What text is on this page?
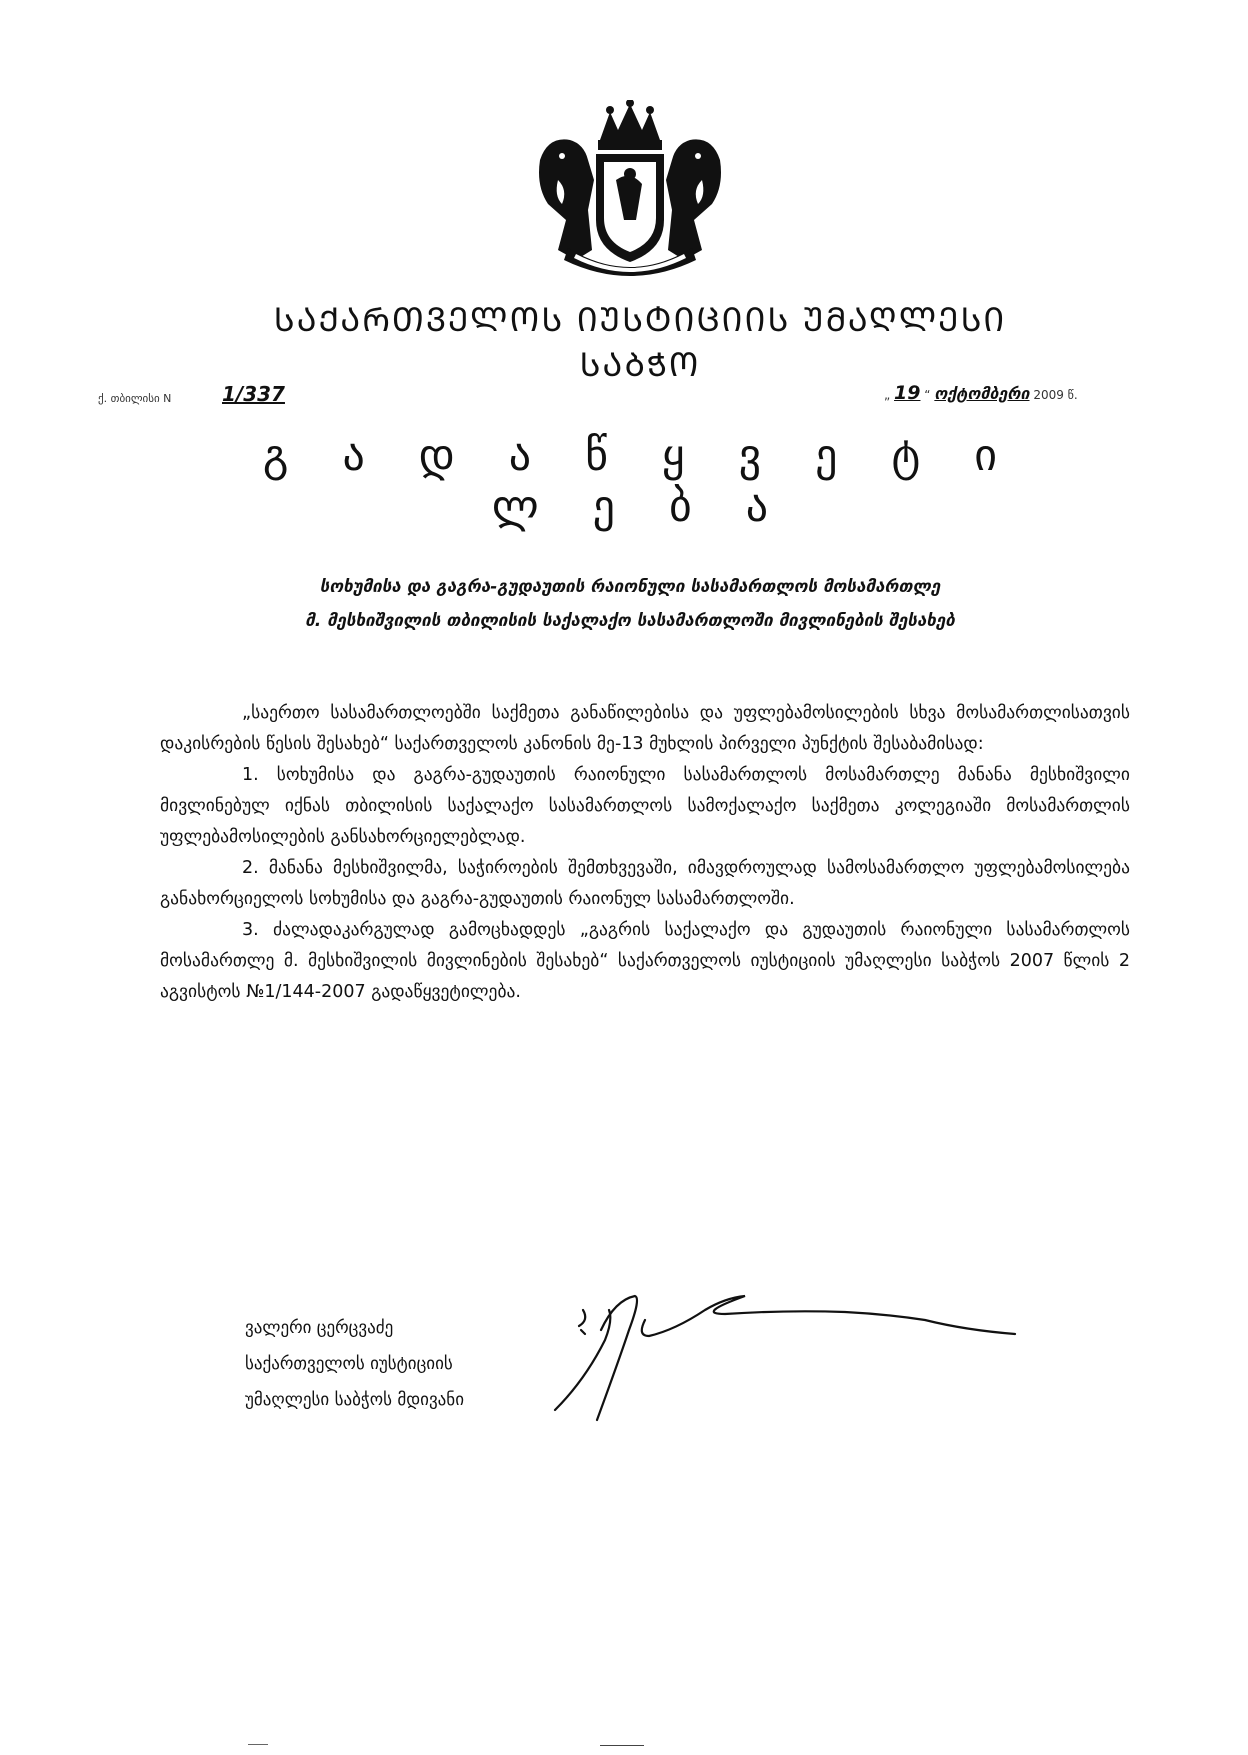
ᲡᲐᲥᲐᲠᲗᲕᲔᲚᲝᲡ ᲘᲣᲡᲢᲘᲪᲘᲘᲡ ᲣᲛᲐᲦᲚᲔᲡᲘ ᲡᲐᲑᲭᲝ
ქ. თბილისი N	1/337	„ 19 “ ოქტომბერი 2009 წ.
გ ა დ ა წ ყ ვ ე ტ ი ლ ე ბ ა
სოხუმისა და გაგრა-გუდაუთის რაიონული სასამართლოს მოსამართლე
მ. მესხიშვილის თბილისის საქალაქო სასამართლოში მივლინების შესახებ

„საერთო სასამართლოებში საქმეთა განაწილებისა და უფლებამოსილების სხვა მოსამართლისათვის დაკისრების წესის შესახებ“ საქართველოს კანონის მე-13 მუხლის პირველი პუნქტის შესაბამისად:

1. სოხუმისა და გაგრა-გუდაუთის რაიონული სასამართლოს მოსამართლე მანანა მესხიშვილი მივლინებულ იქნას თბილისის საქალაქო სასამართლოს სამოქალაქო საქმეთა კოლეგიაში მოსამართლის უფლებამოსილების განსახორციელებლად.

2. მანანა მესხიშვილმა, საჭიროების შემთხვევაში, იმავდროულად სამოსამართლო უფლებამოსილება განახორციელოს სოხუმისა და გაგრა-გუდაუთის რაიონულ სასამართლოში.

3. ძალადაკარგულად გამოცხადდეს „გაგრის საქალაქო და გუდაუთის რაიონული სასამართლოს მოსამართლე მ. მესხიშვილის მივლინების შესახებ“ საქართველოს იუსტიციის უმაღლესი საბჭოს 2007 წლის 2 აგვისტოს №1/144-2007 გადაწყვეტილება.

ვალერი ცერცვაძე
საქართველოს იუსტიციის
უმაღლესი საბჭოს მდივანი
